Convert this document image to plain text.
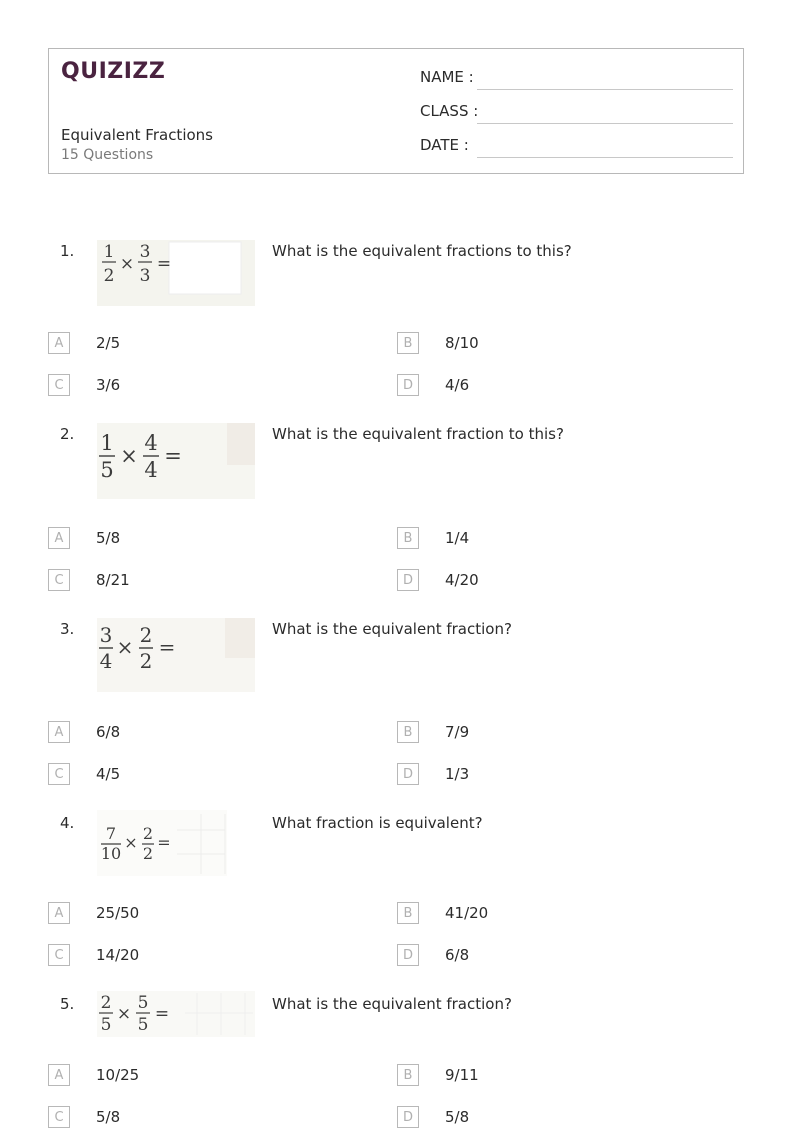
QUIZIZZ
Equivalent Fractions
15 Questions
NAME :
CLASS :
DATE :
1. 1
2
×
3
3
=
What is the equivalent fractions to this?
A	2/5	B	8/10
C	3/6	D	4/6
2. 1
5
×
4
4
=
What is the equivalent fraction to this?
A	5/8	B	1/4
C	8/21	D	4/20
3. 3
4
× 2
2
=
What is the equivalent fraction?
A	6/8	B	7/9
C	4/5	D	1/3
4.
7
10
× 2
2
=
What fraction is equivalent?
A	25/50	B	41/20
C	14/20	D	6/8
5. 2
5
×
5
5
=	What is the equivalent fraction?
A	10/25	B	9/11
C	5/8	D	5/8
